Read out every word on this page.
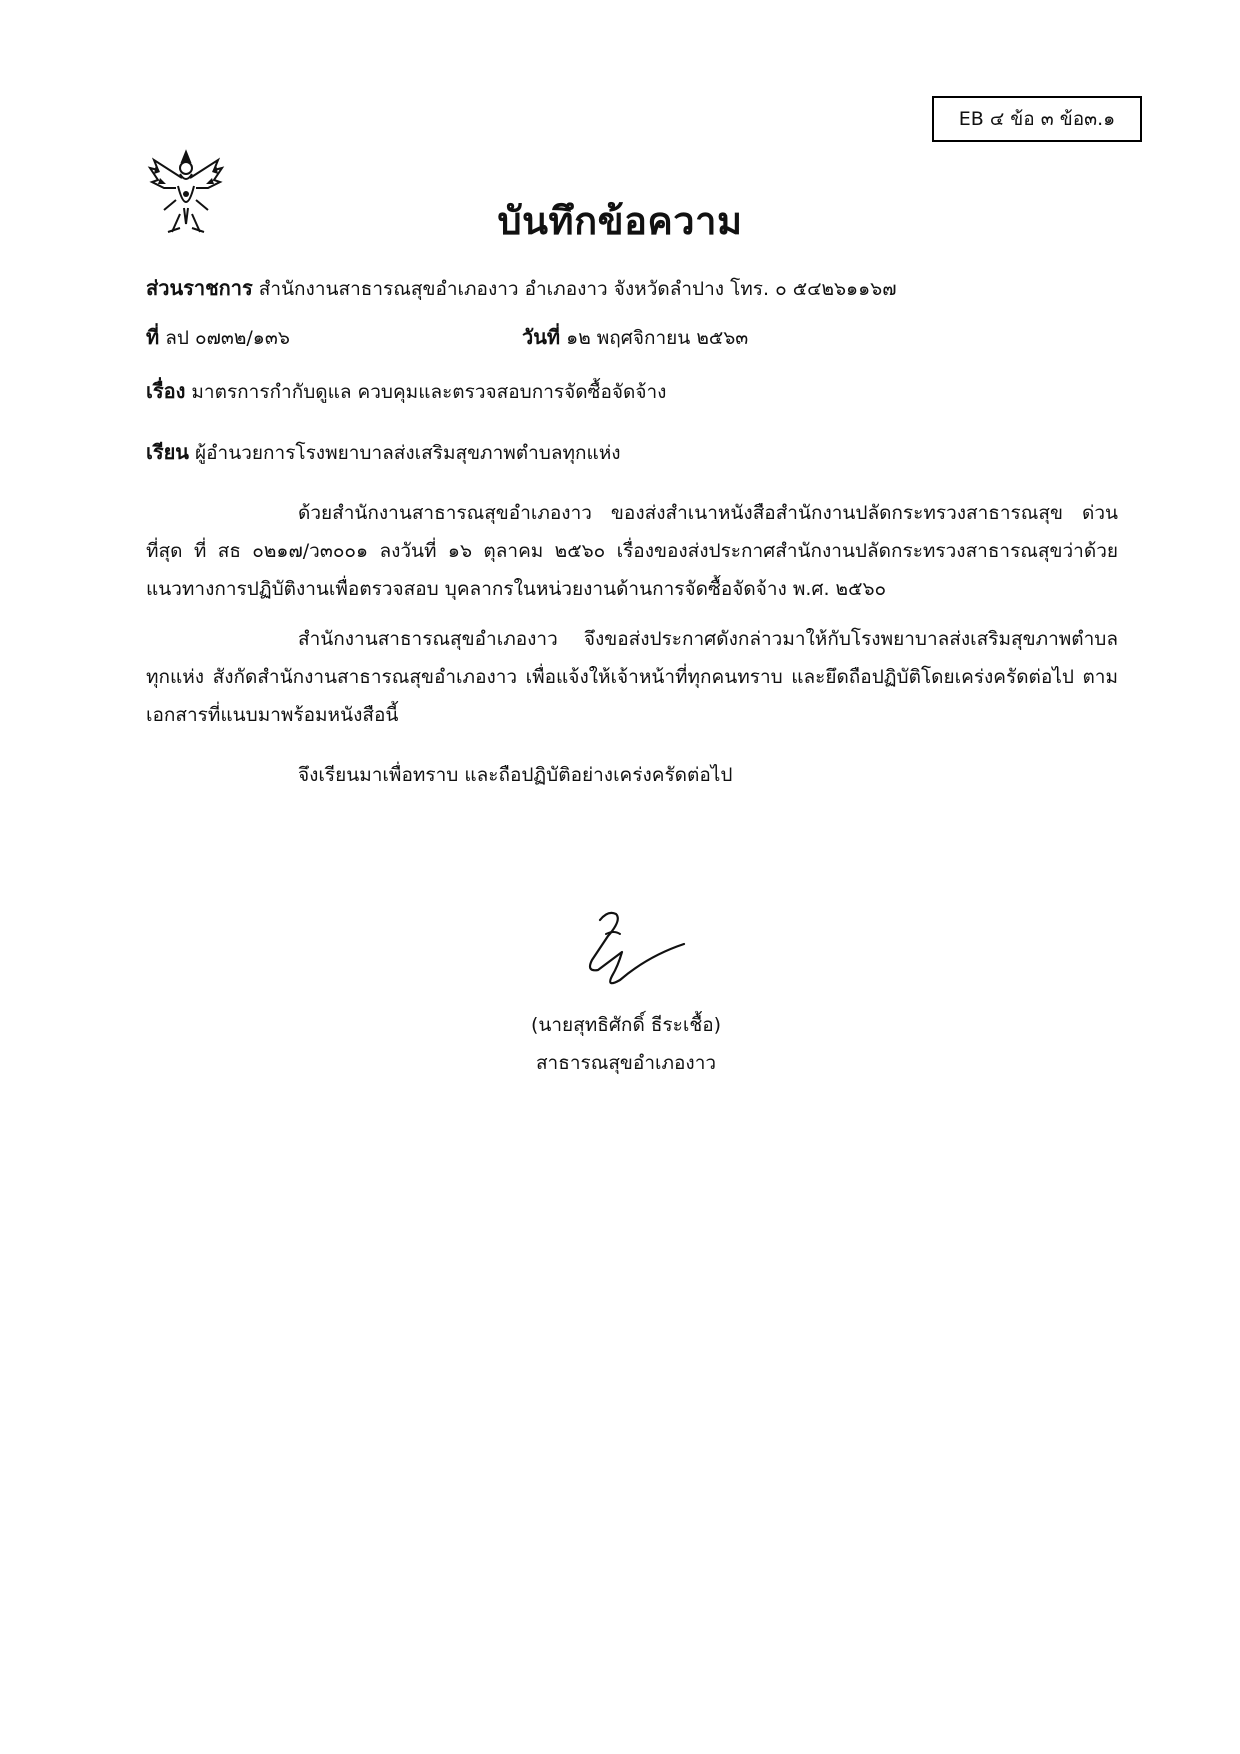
EB ๔ ข้อ ๓ ข้อ๓.๑
บันทึกข้อความ
ส่วนราชการ สำนักงานสาธารณสุขอำเภองาว อำเภองาว จังหวัดลำปาง โทร. ๐ ๕๔๒๖๑๑๖๗
ที่ ลป ๐๗๓๒/๑๓๖	วันที่ ๑๒ พฤศจิกายน ๒๕๖๓
เรื่อง มาตรการกำกับดูแล ควบคุมและตรวจสอบการจัดซื้อจัดจ้าง
เรียน ผู้อำนวยการโรงพยาบาลส่งเสริมสุขภาพตำบลทุกแห่ง
ด้วยสำนักงานสาธารณสุขอำเภองาว ของส่งสำเนาหนังสือสำนักงานปลัดกระทรวงสาธารณสุข ด่วนที่สุด ที่ สธ ๐๒๑๗/ว๓๐๐๑ ลงวันที่ ๑๖ ตุลาคม ๒๕๖๐ เรื่องของส่งประกาศสำนักงานปลัดกระทรวงสาธารณสุขว่าด้วยแนวทางการปฏิบัติงานเพื่อตรวจสอบ บุคลากรในหน่วยงานด้านการจัดซื้อจัดจ้าง พ.ศ. ๒๕๖๐
สำนักงานสาธารณสุขอำเภองาว จึงขอส่งประกาศดังกล่าวมาให้กับโรงพยาบาลส่งเสริมสุขภาพตำบลทุกแห่ง สังกัดสำนักงานสาธารณสุขอำเภองาว เพื่อแจ้งให้เจ้าหน้าที่ทุกคนทราบ และยึดถือปฏิบัติโดยเคร่งครัดต่อไป ตามเอกสารที่แนบมาพร้อมหนังสือนี้
จึงเรียนมาเพื่อทราบ และถือปฏิบัติอย่างเคร่งครัดต่อไป
(นายสุทธิศักดิ์ ธีระเชื้อ)
สาธารณสุขอำเภองาว
